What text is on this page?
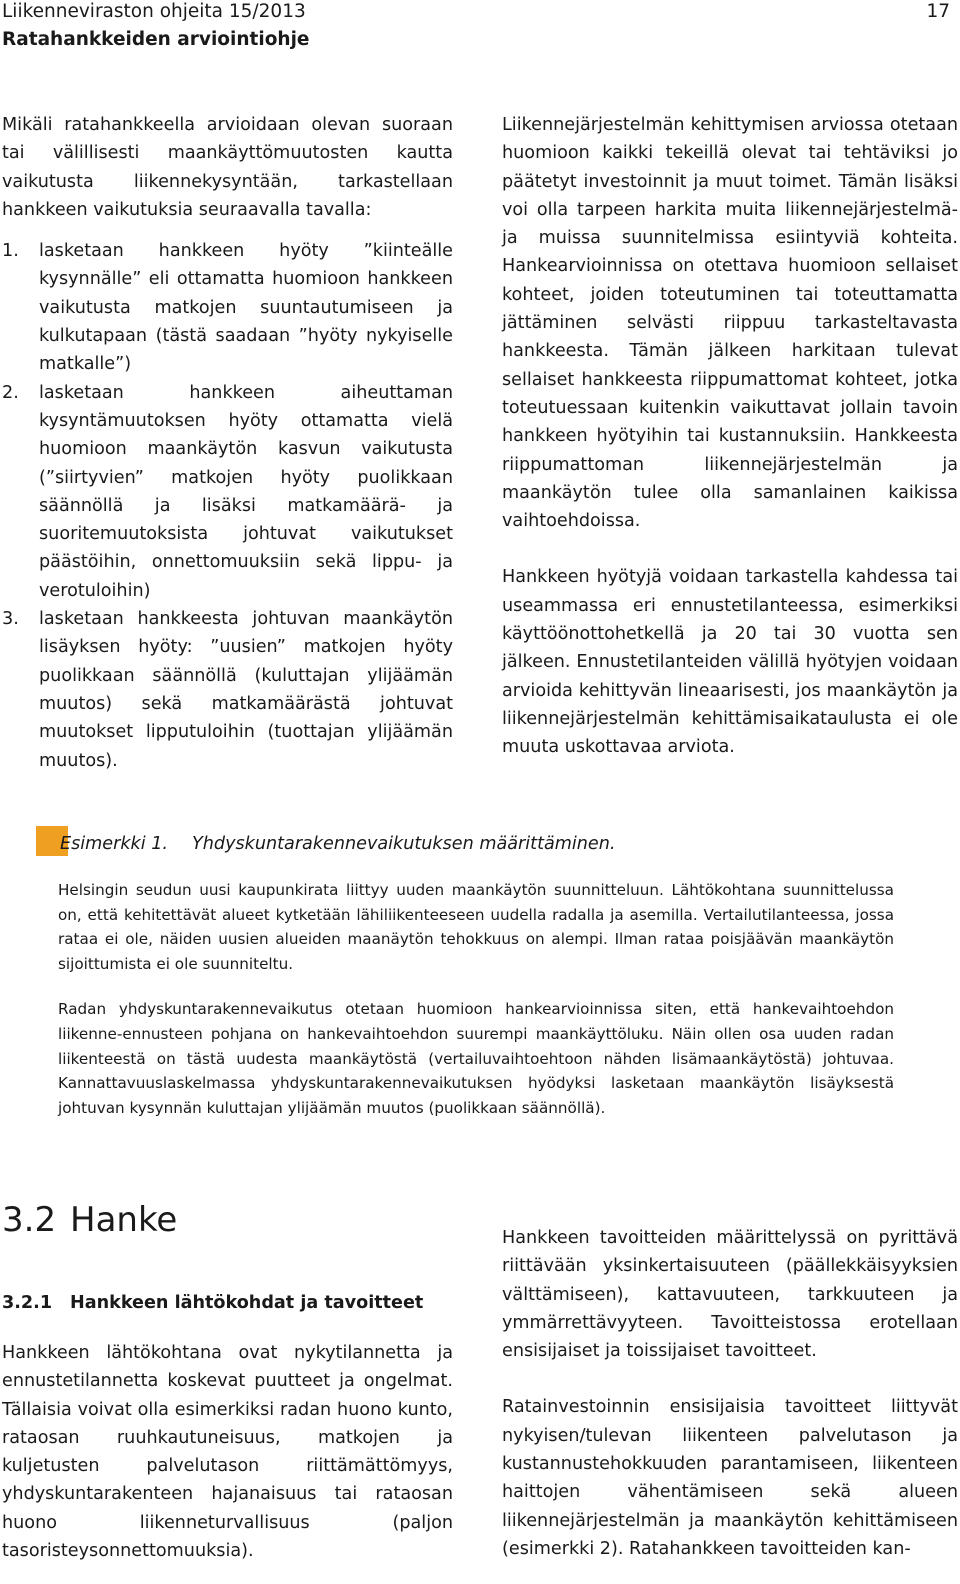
Liikenneviraston ohjeita 15/2013
Ratahankkeiden arviointiohje
17

Mikäli ratahankkeella arvioidaan olevan suoraan tai välillisesti maankäyttömuutosten kautta vaikutusta liikennekysyntään, tarkastellaan hankkeen vaikutuksia seuraavalla tavalla:

1. lasketaan hankkeen hyöty ”kiinteälle kysynnälle” eli ottamatta huomioon hankkeen vaikutusta matkojen suuntautumiseen ja kulkutapaan (tästä saadaan ”hyöty nykyiselle matkalle”)
2. lasketaan hankkeen aiheuttaman kysyntämuutoksen hyöty ottamatta vielä huomioon maankäytön kasvun vaikutusta (”siirtyvien” matkojen hyöty puolikkaan säännöllä ja lisäksi matkamäärä- ja suoritemuutoksista johtuvat vaikutukset päästöihin, onnettomuuksiin sekä lippu- ja verotuloihin)
3. lasketaan hankkeesta johtuvan maankäytön lisäyksen hyöty: ”uusien” matkojen hyöty puolikkaan säännöllä (kuluttajan ylijäämän muutos) sekä matkamäärästä johtuvat muutokset lipputuloihin (tuottajan ylijäämän muutos).

Liikennejärjestelmän kehittymisen arviossa otetaan huomioon kaikki tekeillä olevat tai tehtäviksi jo päätetyt investoinnit ja muut toimet. Tämän lisäksi voi olla tarpeen harkita muita liikennejärjestelmä- ja muissa suunnitelmissa esiintyviä kohteita. Hankearvioinnissa on otettava huomioon sellaiset kohteet, joiden toteutuminen tai toteuttamatta jättäminen selvästi riippuu tarkasteltavasta hankkeesta. Tämän jälkeen harkitaan tulevat sellaiset hankkeesta riippumattomat kohteet, jotka toteutuessaan kuitenkin vaikuttavat jollain tavoin hankkeen hyötyihin tai kustannuksiin. Hankkeesta riippumattoman liikennejärjestelmän ja maankäytön tulee olla samanlainen kaikissa vaihtoehdoissa.

Hankkeen hyötyjä voidaan tarkastella kahdessa tai useammassa eri ennustetilanteessa, esimerkiksi käyttöönottohetkellä ja 20 tai 30 vuotta sen jälkeen. Ennustetilanteiden välillä hyötyjen voidaan arvioida kehittyvän lineaarisesti, jos maankäytön ja liikennejärjestelmän kehittämisaikataulusta ei ole muuta uskottavaa arviota.

Esimerkki 1. Yhdyskuntarakennevaikutuksen määrittäminen.

Helsingin seudun uusi kaupunkirata liittyy uuden maankäytön suunnitteluun. Lähtökohtana suunnittelussa on, että kehitettävät alueet kytketään lähiliikenteeseen uudella radalla ja asemilla. Vertailutilanteessa, jossa rataa ei ole, näiden uusien alueiden maanäytön tehokkuus on alempi. Ilman rataa poisjäävän maankäytön sijoittumista ei ole suunniteltu.

Radan yhdyskuntarakennevaikutus otetaan huomioon hankearvioinnissa siten, että hankevaihtoehdon liikenne-ennusteen pohjana on hankevaihtoehdon suurempi maankäyttöluku. Näin ollen osa uuden radan liikenteestä on tästä uudesta maankäytöstä (vertailuvaihtoehtoon nähden lisämaankäytöstä) johtuvaa. Kannattavuuslaskelmassa yhdyskuntarakennevaikutuksen hyödyksi lasketaan maankäytön lisäyksestä johtuvan kysynnän kuluttajan ylijäämän muutos (puolikkaan säännöllä).

3.2 Hanke
3.2.1 Hankkeen lähtökohdat ja tavoitteet

Hankkeen lähtökohtana ovat nykytilannetta ja ennustetilannetta koskevat puutteet ja ongelmat. Tällaisia voivat olla esimerkiksi radan huono kunto, rataosan ruuhkautuneisuus, matkojen ja kuljetusten palvelutason riittämättömyys, yhdyskuntarakenteen hajanaisuus tai rataosan huono liikenneturvallisuus (paljon tasoristeysonnettomuuksia).

Hankkeen tavoitteiden määrittelyssä on pyrittävä riittävään yksinkertaisuuteen (päällekkäisyyksien välttämiseen), kattavuuteen, tarkkuuteen ja ymmärrettävyyteen. Tavoitteistossa erotellaan ensisijaiset ja toissijaiset tavoitteet.

Ratainvestoinnin ensisijaisia tavoitteet liittyvät nykyisen/tulevan liikenteen palvelutason ja kustannustehokkuuden parantamiseen, liikenteen haittojen vähentämiseen sekä alueen liikennejärjestelmän ja maankäytön kehittämiseen (esimerkki 2). Ratahankkeen tavoitteiden kan-
